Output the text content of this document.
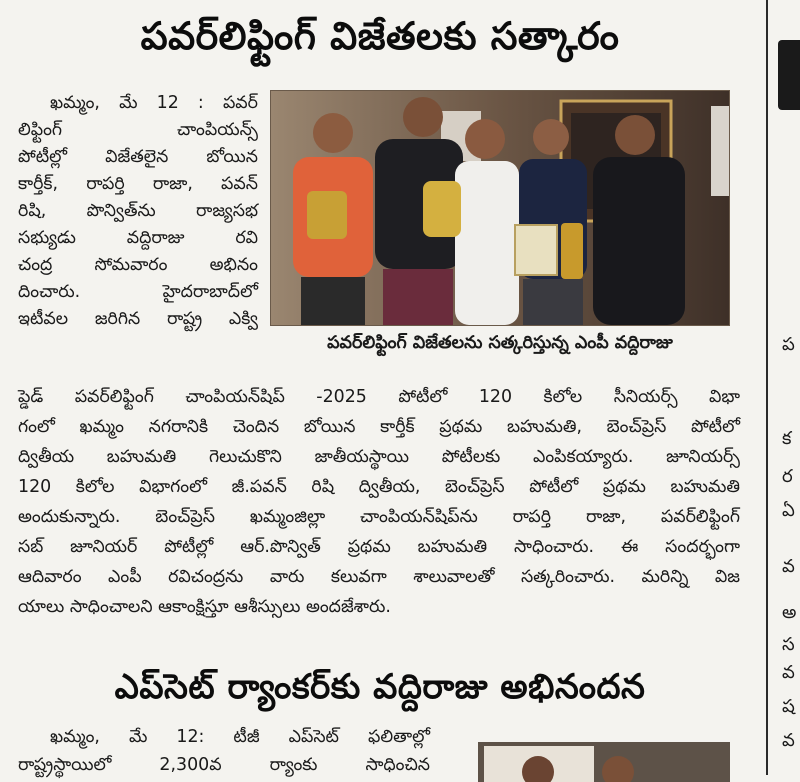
పవర్‌లిఫ్టింగ్ విజేతలకు సత్కారం
ఖమ్మం, మే 12 : పవర్
లిఫ్టింగ్ చాంపియన్స్
పోటీల్లో విజేతలైన బోయిన
కార్తీక్, రాపర్తి రాజా, పవన్
రిషి, పొన్విత్‌ను రాజ్యసభ
సభ్యుడు వద్దిరాజు రవి
చంద్ర సోమవారం అభినం
దించారు. హైదరాబాద్‌లో
ఇటీవల జరిగిన రాష్ట్ర ఎక్వి
పవర్‌లిఫ్టింగ్ విజేతలను సత్కరిస్తున్న ఎంపీ వద్దిరాజు
ప్డెడ్ పవర్‌లిఫ్టింగ్ చాంపియన్‌షిప్ -2025 పోటీలో 120 కిలోల సీనియర్స్ విభా
గంలో ఖమ్మం నగరానికి చెందిన బోయిన కార్తీక్ ప్రథమ బహుమతి, బెంచ్‌ప్రెస్ పోటీలో
ద్వితీయ బహుమతి గెలుచుకొని జాతీయస్థాయి పోటీలకు ఎంపికయ్యారు. జూనియర్స్
120 కిలోల విభాగంలో జీ.పవన్ రిషి ద్వితీయ, బెంచ్‌ప్రెస్ పోటీలో ప్రథమ బహుమతి
అందుకున్నారు. బెంచ్‌ప్రెస్ ఖమ్మంజిల్లా చాంపియన్‌షిప్‌ను రాపర్తి రాజా, పవర్‌లిఫ్టింగ్
సబ్ జూనియర్ పోటీల్లో ఆర్.పొన్విత్ ప్రథమ బహుమతి సాధించారు. ఈ సందర్భంగా
ఆదివారం ఎంపీ రవిచంద్రను వారు కలువగా శాలువాలతో సత్కరించారు. మరిన్ని విజ
యాలు సాధించాలని ఆకాంక్షిస్తూ ఆశీస్సులు అందజేశారు.
ఎప్‌సెట్ ర్యాంకర్‌కు వద్దిరాజు అభినందన
ఖమ్మం, మే 12: టీజీ ఎప్‌సెట్ ఫలితాల్లో
రాష్ట్రస్థాయిలో 2,300వ ర్యాంకు సాధించిన
ప
క
ర
ఏ
వ
అ
స
వ
ష
వ
